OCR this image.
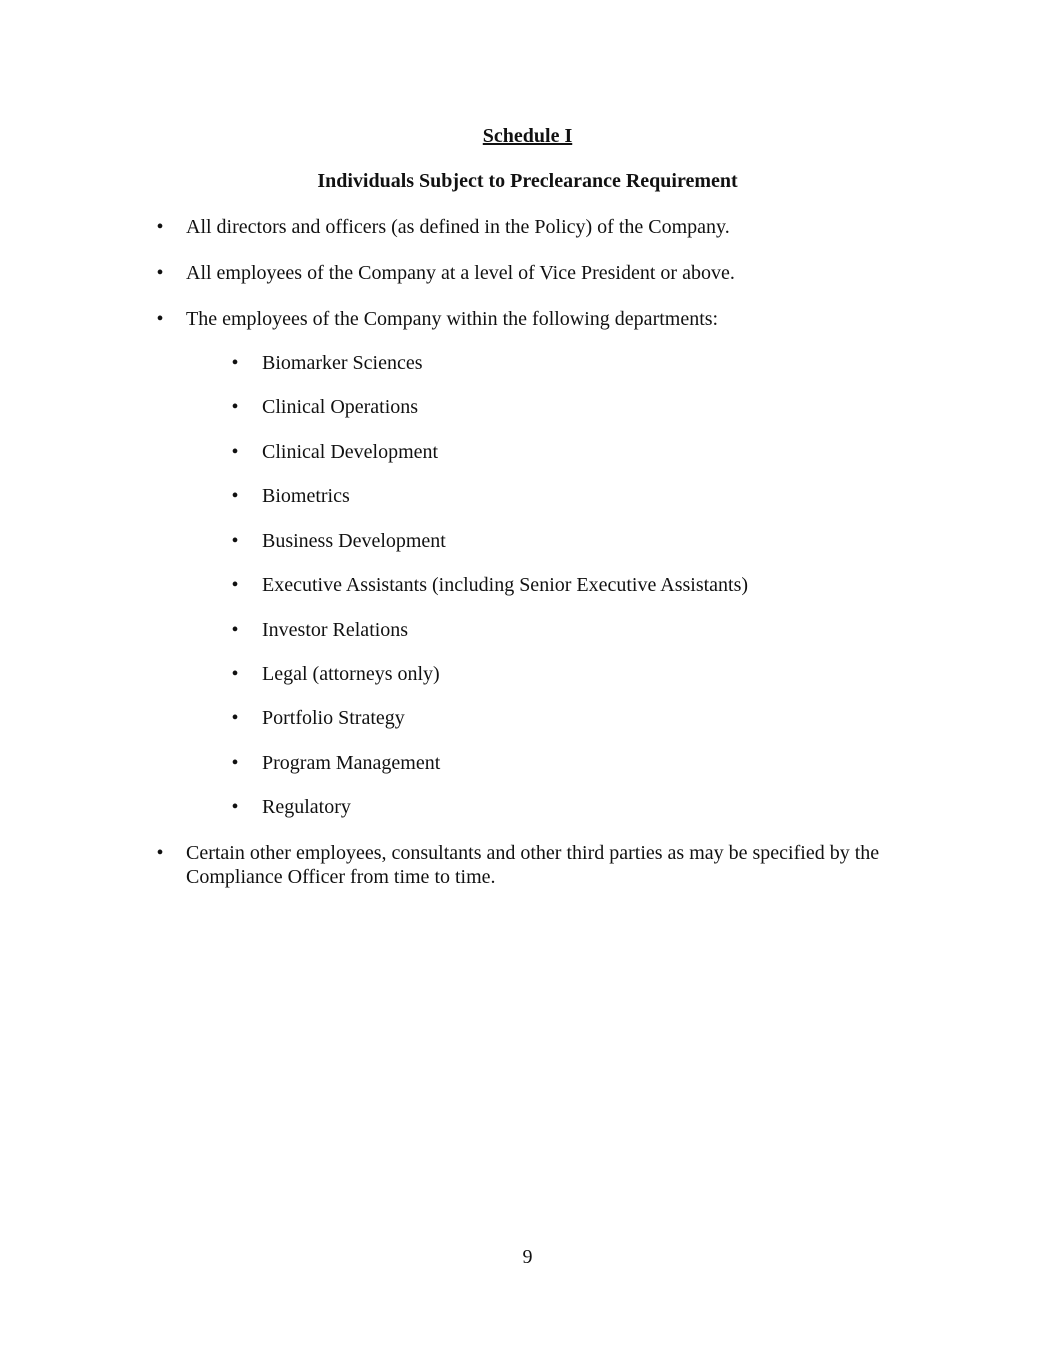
Schedule I
Individuals Subject to Preclearance Requirement
• All directors and officers (as defined in the Policy) of the Company.
• All employees of the Company at a level of Vice President or above.
• The employees of the Company within the following departments:
• Biomarker Sciences
• Clinical Operations
• Clinical Development
• Biometrics
• Business Development
• Executive Assistants (including Senior Executive Assistants)
• Investor Relations
• Legal (attorneys only)
• Portfolio Strategy
• Program Management
• Regulatory
• Certain other employees, consultants and other third parties as may be specified by the Compliance Officer from time to time.
9
